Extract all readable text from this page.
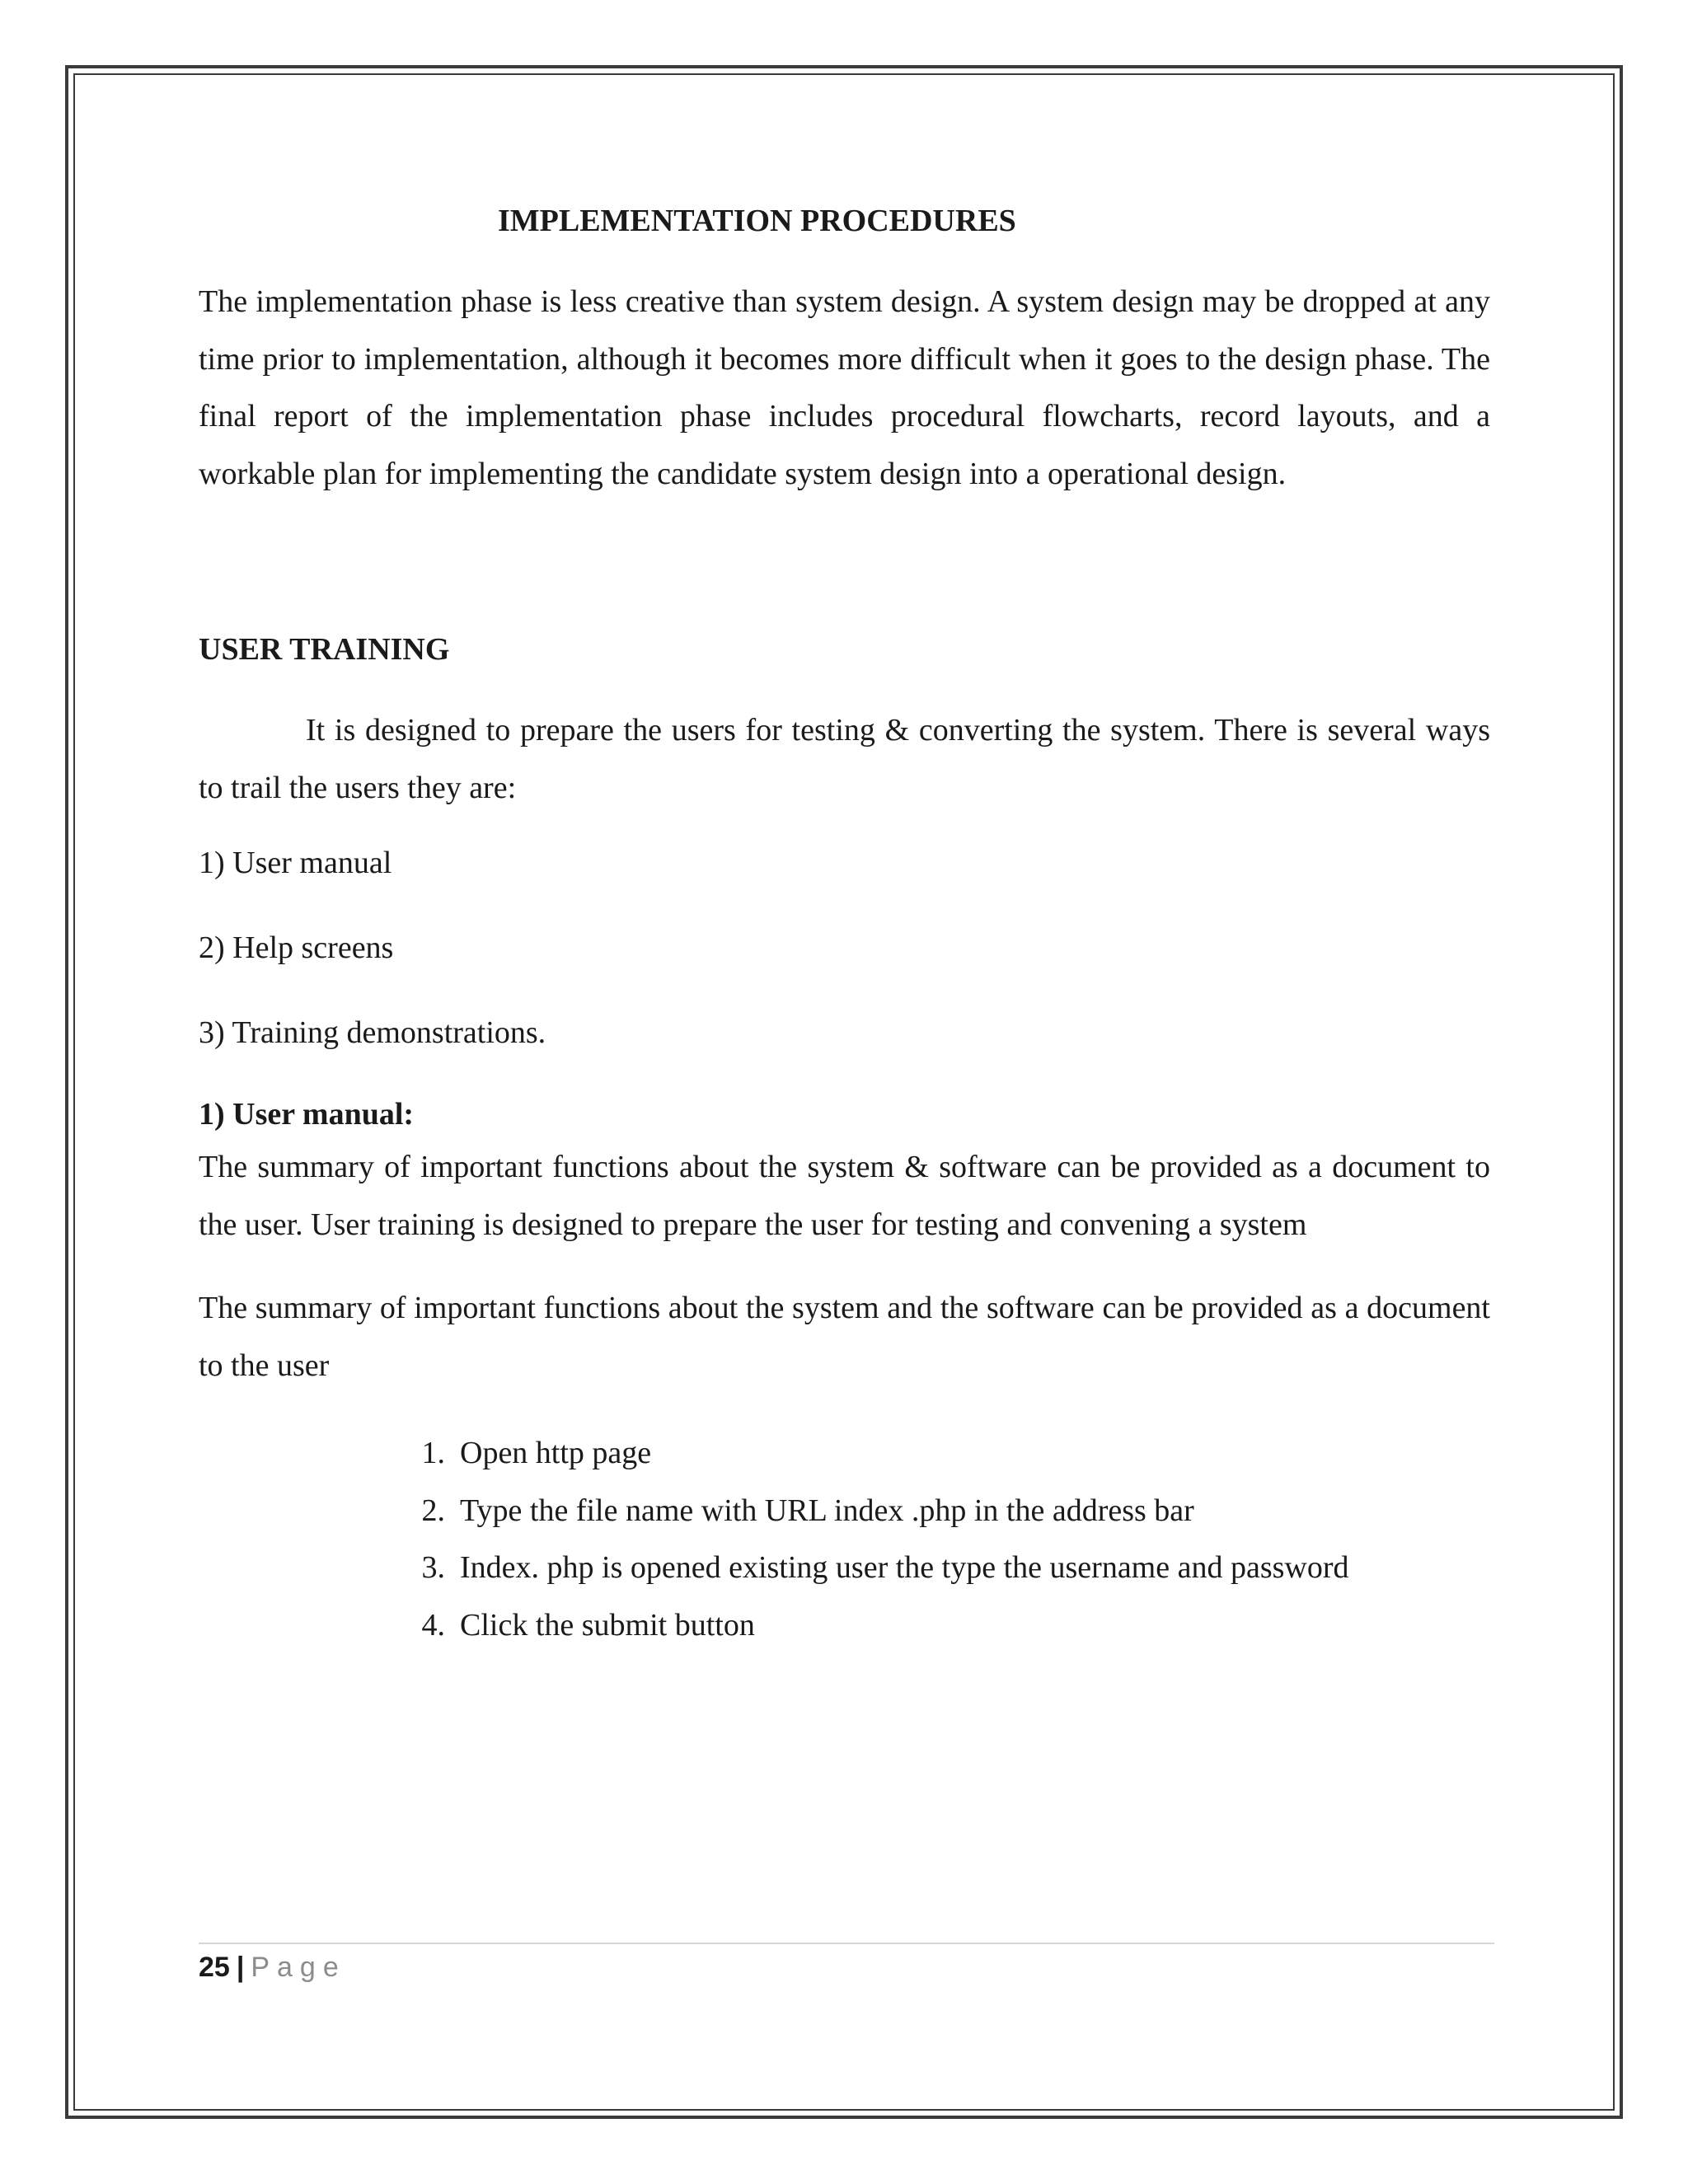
IMPLEMENTATION PROCEDURES

The implementation phase is less creative than system design. A system design may be dropped at any time prior to implementation, although it becomes more difficult when it goes to the design phase. The final report of the implementation phase includes procedural flowcharts, record layouts, and a workable plan for implementing the candidate system design into a operational design.

USER TRAINING

It is designed to prepare the users for testing & converting the system. There is several ways to trail the users they are:

1) User manual
2) Help screens
3) Training demonstrations.
1) User manual:

The summary of important functions about the system & software can be provided as a document to the user. User training is designed to prepare the user for testing and convening a system

The summary of important functions about the system and the software can be provided as a document to the user

1. Open http page
2. Type the file name with URL index .php in the address bar
3. Index. php is opened existing user the type the username and password
4. Click the submit button
25 | Page
